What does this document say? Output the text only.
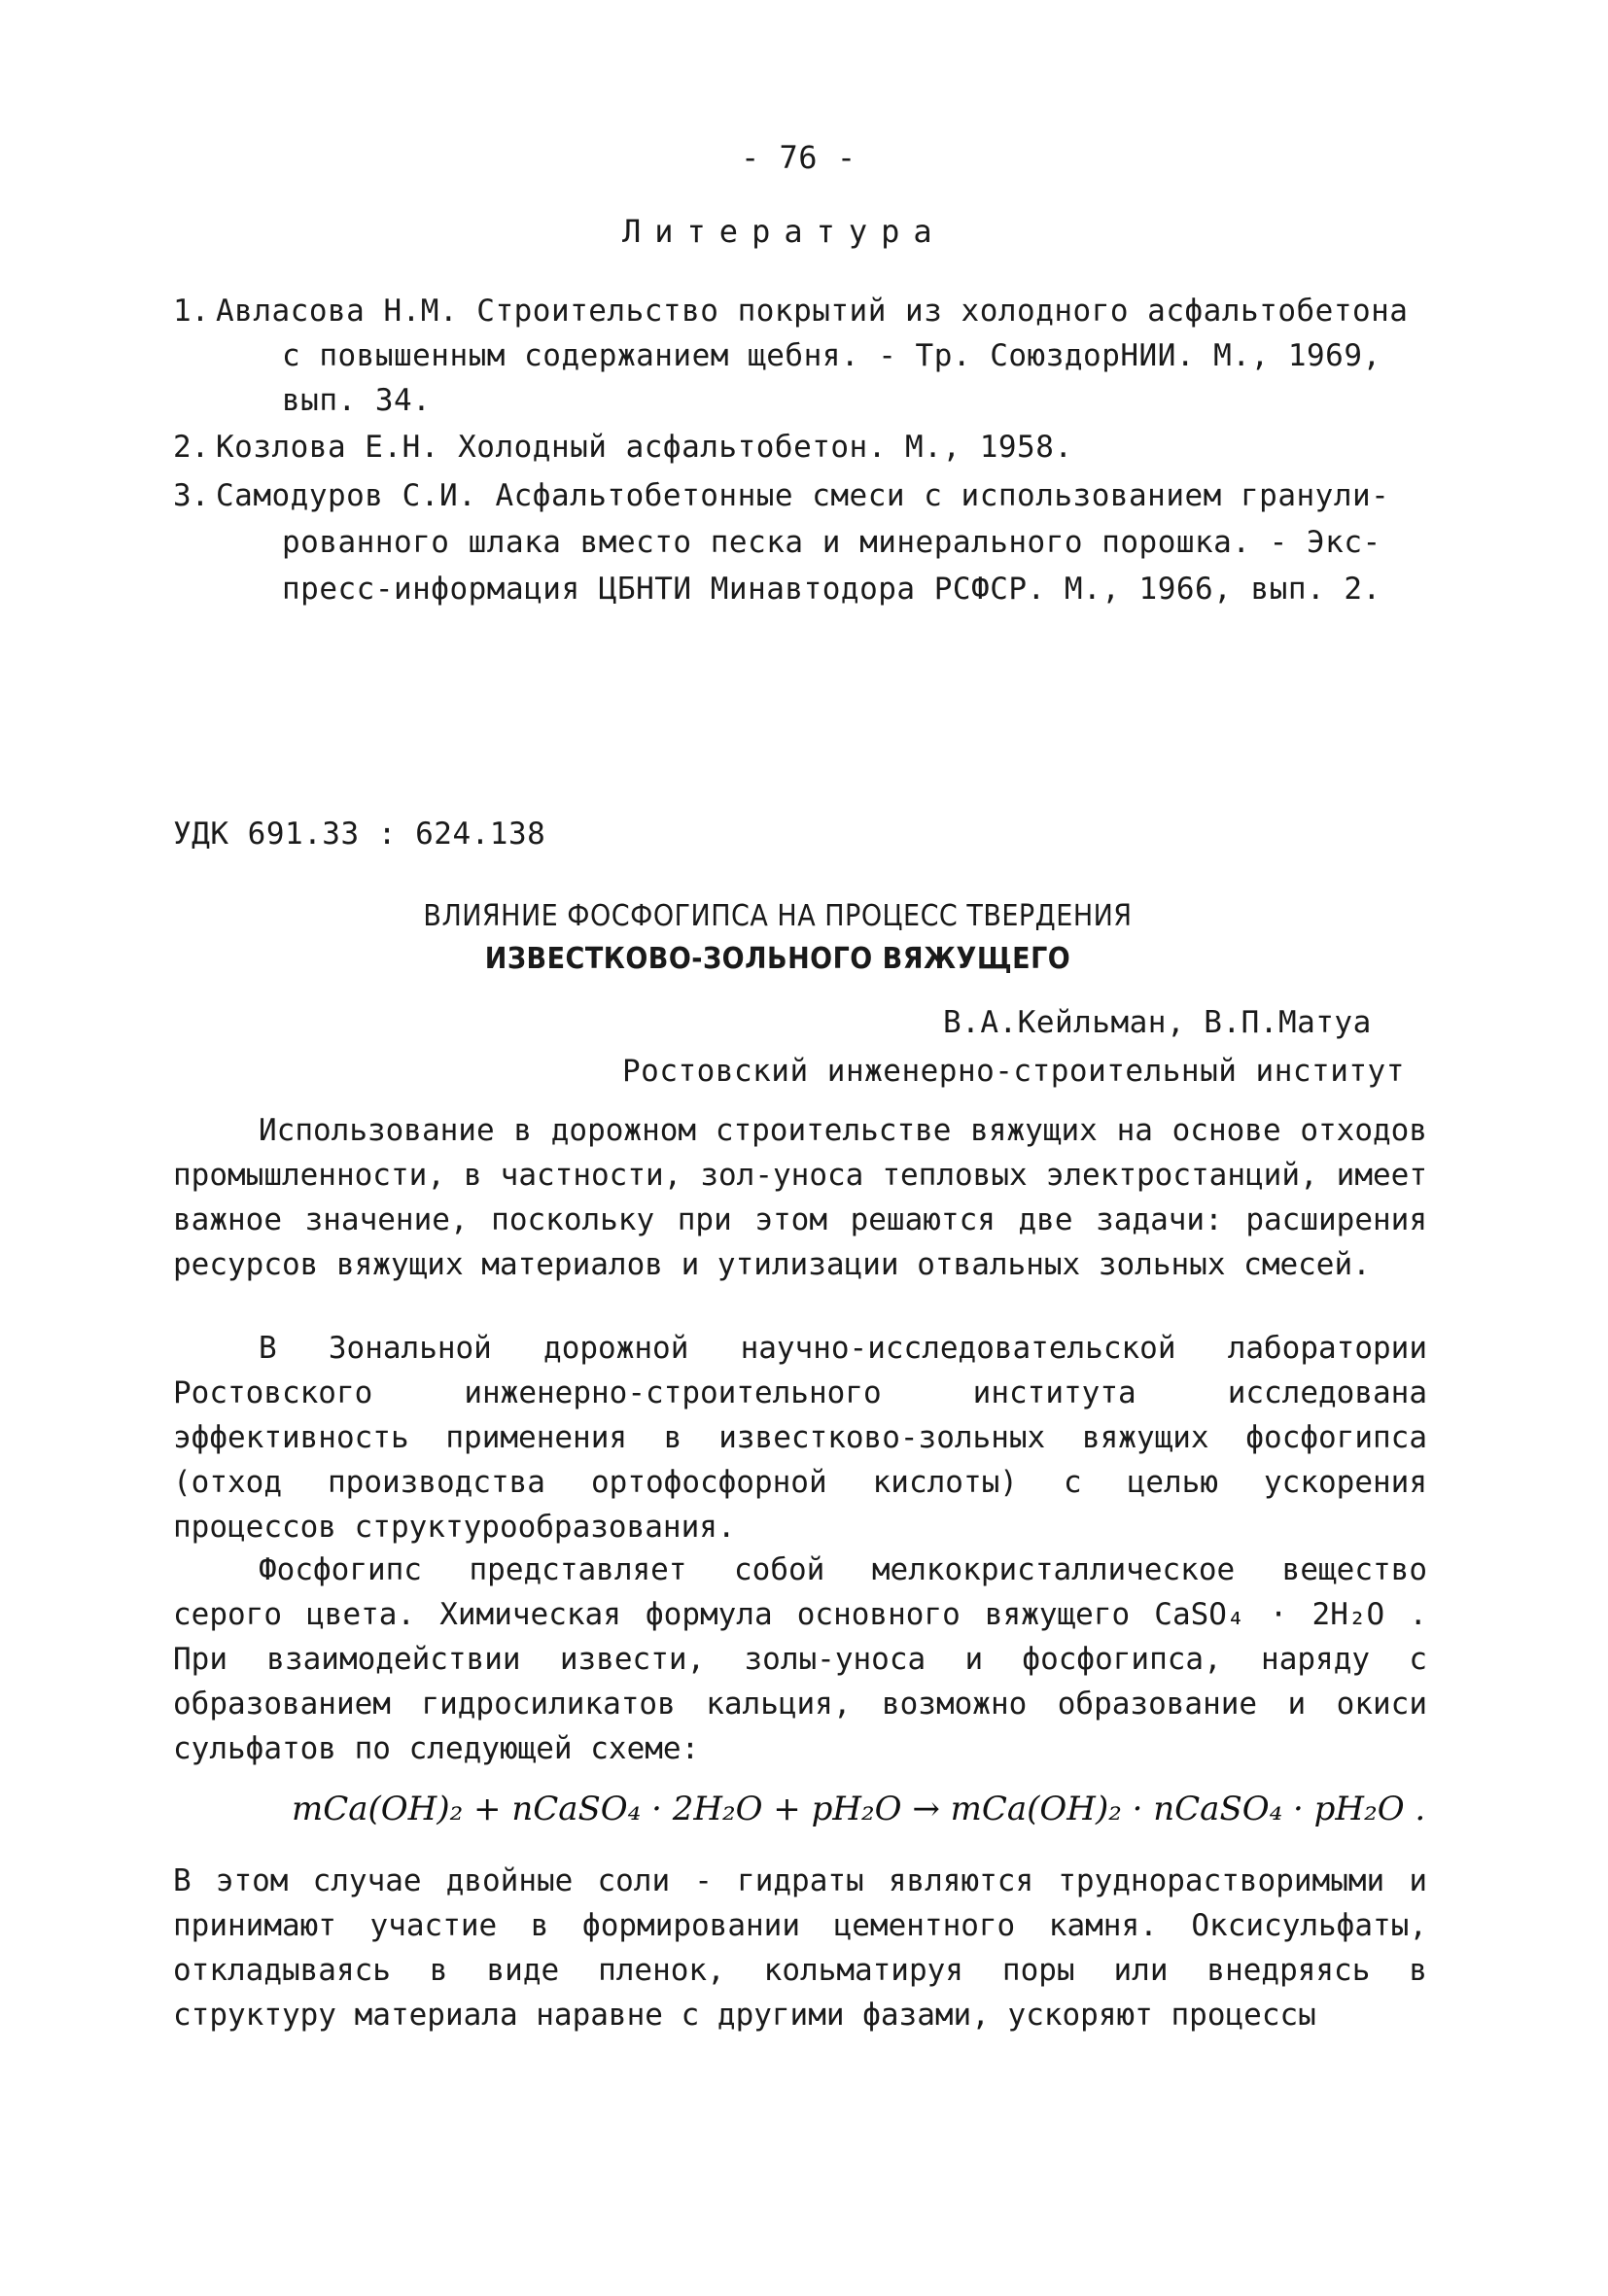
- 76 -
Литература
1. Авласова Н.М. Строительство покрытий из холодного асфальтобетона
с повышенным содержанием щебня. - Тр. СоюздорНИИ. М., 1969,
вып. 34.
2. Козлова Е.Н. Холодный асфальтобетон. М., 1958.
3. Самодуров С.И. Асфальтобетонные смеси с использованием гранули-
рованного шлака вместо песка и минерального порошка. - Экс-
пресс-информация ЦБНТИ Минавтодора РСФСР. М., 1966, вып. 2.
УДК 691.33 : 624.138
ВЛИЯНИЕ ФОСФОГИПСА НА ПРОЦЕСС ТВЕРДЕНИЯ
ИЗВЕСТКОВО-ЗОЛЬНОГО ВЯЖУЩЕГО
В.А.Кейльман, В.П.Матуа
Ростовский инженерно-строительный институт
Использование в дорожном строительстве вяжущих на основе отходов промышленности, в частности, зол-уноса тепловых электростанций, имеет важное значение, поскольку при этом решаются две задачи: расширения ресурсов вяжущих материалов и утилизации отвальных зольных смесей.
В Зональной дорожной научно-исследовательской лаборатории Ростовского инженерно-строительного института исследована эффективность применения в известково-зольных вяжущих фосфогипса (отход производства ортофосфорной кислоты) с целью ускорения процессов структурообразования.
Фосфогипс представляет собой мелкокристаллическое вещество серого цвета. Химическая формула основного вяжущего CaSO₄ · 2H₂O . При взаимодействии извести, золы-уноса и фосфогипса, наряду с образованием гидросиликатов кальция, возможно образование и окиси сульфатов по следующей схеме:
mCa(OH)₂ + nCaSO₄ · 2H₂O + pH₂O → mCa(OH)₂ · nCaSO₄ · pH₂O .
В этом случае двойные соли - гидраты являются труднорастворимыми и принимают участие в формировании цементного камня. Оксисульфаты, откладываясь в виде пленок, кольматируя поры или внедряясь в структуру материала наравне с другими фазами, ускоряют процессы
